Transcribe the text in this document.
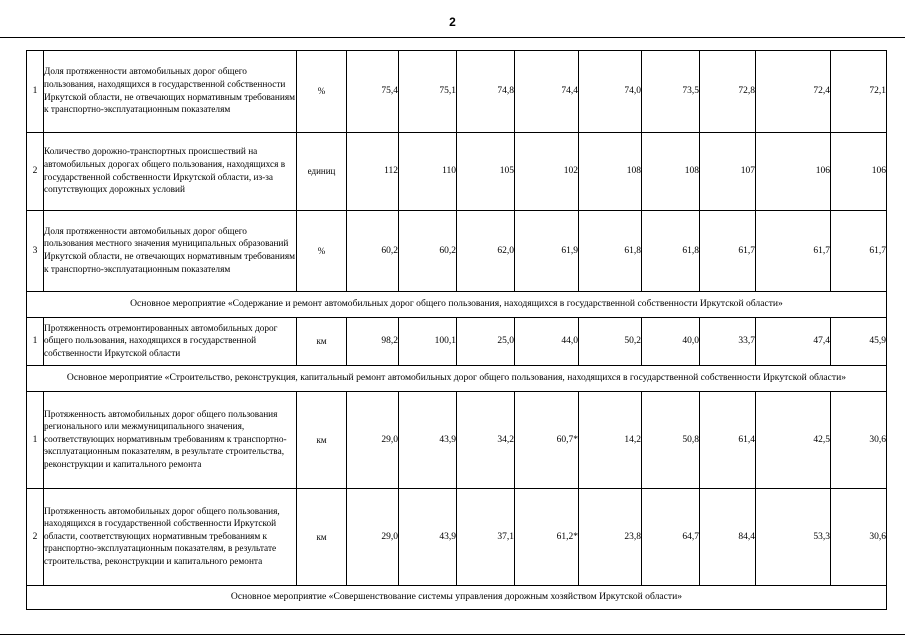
2
1	Доля протяженности автомобильных дорог общего пользования, находящихся в государственной собственности Иркутской области, не отвечающих нормативным требованиям к транспортно-эксплуатационным показателям	%	75,4	75,1	74,8	74,4	74,0	73,5	72,8	72,4	72,1
2	Количество дорожно-транспортных происшествий на автомобильных дорогах общего пользования, находящихся в государственной собственности Иркутской области, из-за сопутствующих дорожных условий	единиц	112	110	105	102	108	108	107	106	106
3	Доля протяженности автомобильных дорог общего пользования местного значения муниципальных образований Иркутской области, не отвечающих нормативным требованиям к транспортно-эксплуатационным показателям	%	60,2	60,2	62,0	61,9	61,8	61,8	61,7	61,7	61,7
Основное мероприятие «Содержание и ремонт автомобильных дорог общего пользования, находящихся в государственной собственности Иркутской области»											
1	Протяженность отремонтированных автомобильных дорог общего пользования, находящихся в государственной собственности Иркутской области	км	98,2	100,1	25,0	44,0	50,2	40,0	33,7	47,4	45,9
Основное мероприятие «Строительство, реконструкция, капитальный ремонт автомобильных дорог общего пользования, находящихся в государственной собственности Иркутской области»											
1	Протяженность автомобильных дорог общего пользования регионального или межмуниципального значения, соответствующих нормативным требованиям к транспортно-эксплуатационным показателям, в результате строительства, реконструкции и капитального ремонта	км	29,0	43,9	34,2	60,7*	14,2	50,8	61,4	42,5	30,6
2	Протяженность автомобильных дорог общего пользования, находящихся в государственной собственности Иркутской области, соответствующих нормативным требованиям к транспортно-эксплуатационным показателям, в результате строительства, реконструкции и капитального ремонта	км	29,0	43,9	37,1	61,2*	23,8	64,7	84,4	53,3	30,6
Основное мероприятие «Совершенствование системы управления дорожным хозяйством Иркутской области»											
